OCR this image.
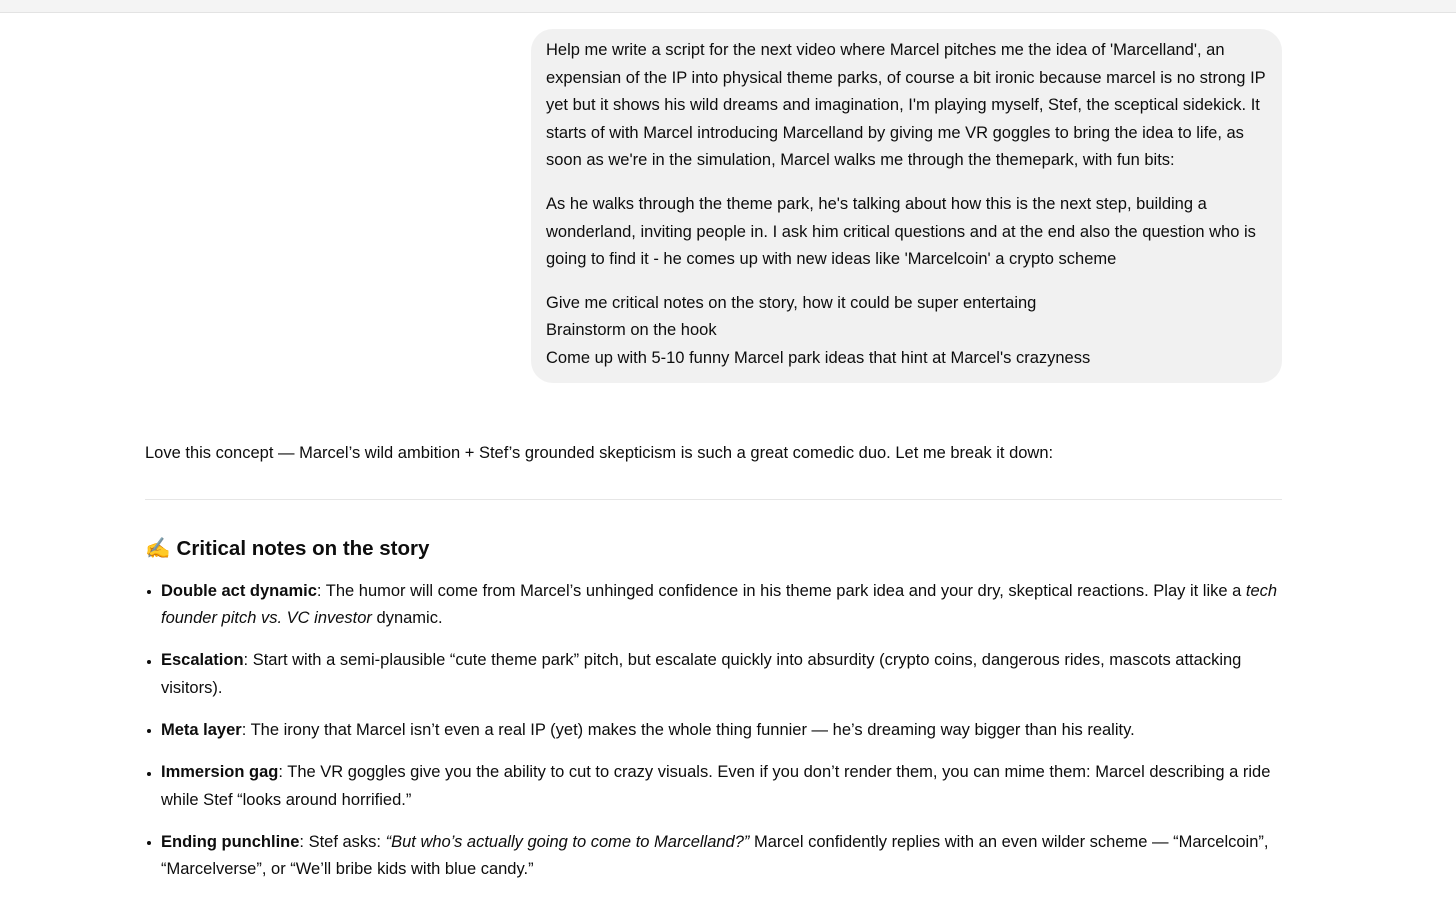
Help me write a script for the next video where Marcel pitches me the idea of 'Marcelland', an expensian of the IP into physical theme parks, of course a bit ironic because marcel is no strong IP yet but it shows his wild dreams and imagination, I'm playing myself, Stef, the sceptical sidekick. It starts of with Marcel introducing Marcelland by giving me VR goggles to bring the idea to life, as soon as we're in the simulation, Marcel walks me through the themepark, with fun bits:

As he walks through the theme park, he's talking about how this is the next step, building a wonderland, inviting people in. I ask him critical questions and at the end also the question who is going to find it - he comes up with new ideas like 'Marcelcoin' a crypto scheme

Give me critical notes on the story, how it could be super entertaing
Brainstorm on the hook
Come up with 5-10 funny Marcel park ideas that hint at Marcel's crazyness

Love this concept — Marcel’s wild ambition + Stef’s grounded skepticism is such a great comedic duo. Let me break it down:

✍️ Critical notes on the story
Double act dynamic: The humor will come from Marcel’s unhinged confidence in his theme park idea and your dry, skeptical reactions. Play it like a tech founder pitch vs. VC investor dynamic.
Escalation: Start with a semi-plausible “cute theme park” pitch, but escalate quickly into absurdity (crypto coins, dangerous rides, mascots attacking visitors).
Meta layer: The irony that Marcel isn’t even a real IP (yet) makes the whole thing funnier — he’s dreaming way bigger than his reality.
Immersion gag: The VR goggles give you the ability to cut to crazy visuals. Even if you don’t render them, you can mime them: Marcel describing a ride while Stef “looks around horrified.”
Ending punchline: Stef asks: “But who’s actually going to come to Marcelland?” Marcel confidently replies with an even wilder scheme — “Marcelcoin”, “Marcelverse”, or “We’ll bribe kids with blue candy.”
